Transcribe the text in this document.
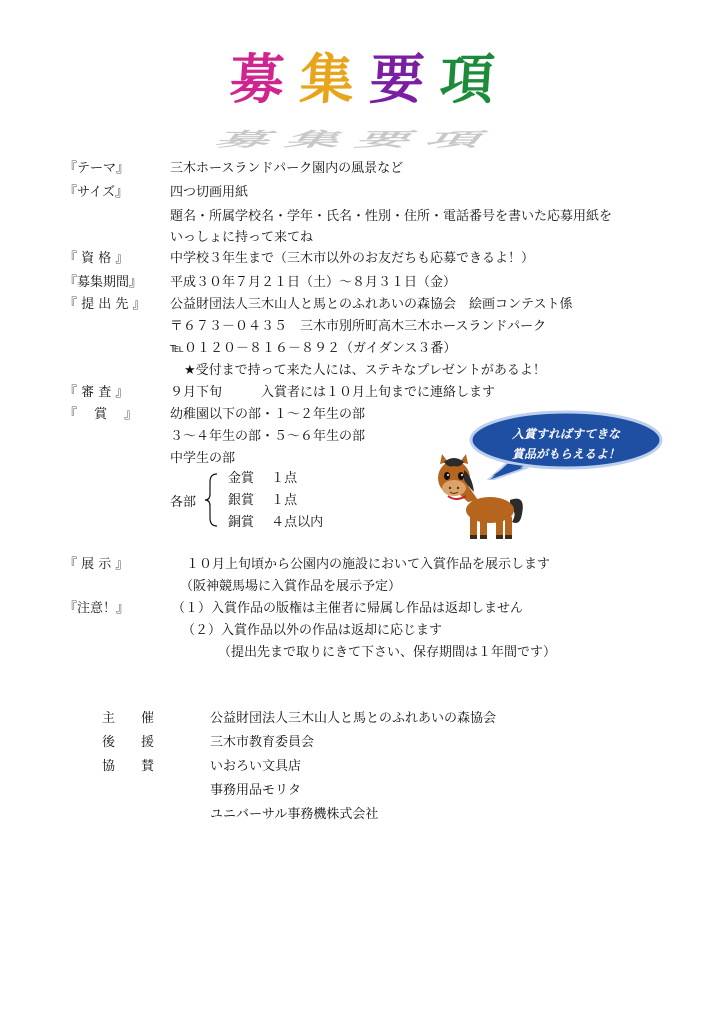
募集要項
募集要項
『テーマ』	三木ホースランドパーク園内の風景など
『サイズ』	四つ切画用紙
題名・所属学校名・学年・氏名・性別・住所・電話番号を書いた応募用紙を
いっしょに持って来てね
『 資 格 』	中学校３年生まで（三木市以外のお友だちも応募できるよ！）
『募集期間』 平成３０年７月２１日（土）～８月３１日（金）
『 提 出 先 』 公益財団法人三木山人と馬とのふれあいの森協会　絵画コンテスト係
〒６７３－０４３５　三木市別所町高木三木ホースランドパーク
℡０１２０－８１６－８９２（ガイダンス３番）
★受付まで持って来た人には、ステキなプレゼントがあるよ！
『 審 査 』	９月下旬　　　入賞者には１０月上旬までに連絡します
『　 賞　 』	幼稚園以下の部・１～２年生の部
３～４年生の部・５～６年生の部
中学生の部
各部
金賞　 １点
銀賞　 １点
銅賞　 ４点以内
入賞すればすてきな
賞品がもらえるよ！
『 展 示 』	１０月上旬頃から公園内の施設において入賞作品を展示します
（阪神競馬場に入賞作品を展示予定）
『注意！』	（１）入賞作品の版権は主催者に帰属し作品は返却しません
（２）入賞作品以外の作品は返却に応じます
（提出先まで取りにきて下さい、保存期間は１年間です）
主　　催	公益財団法人三木山人と馬とのふれあいの森協会
後　　援	三木市教育委員会
協　　賛	いおろい文具店
事務用品モリタ
ユニバーサル事務機株式会社
